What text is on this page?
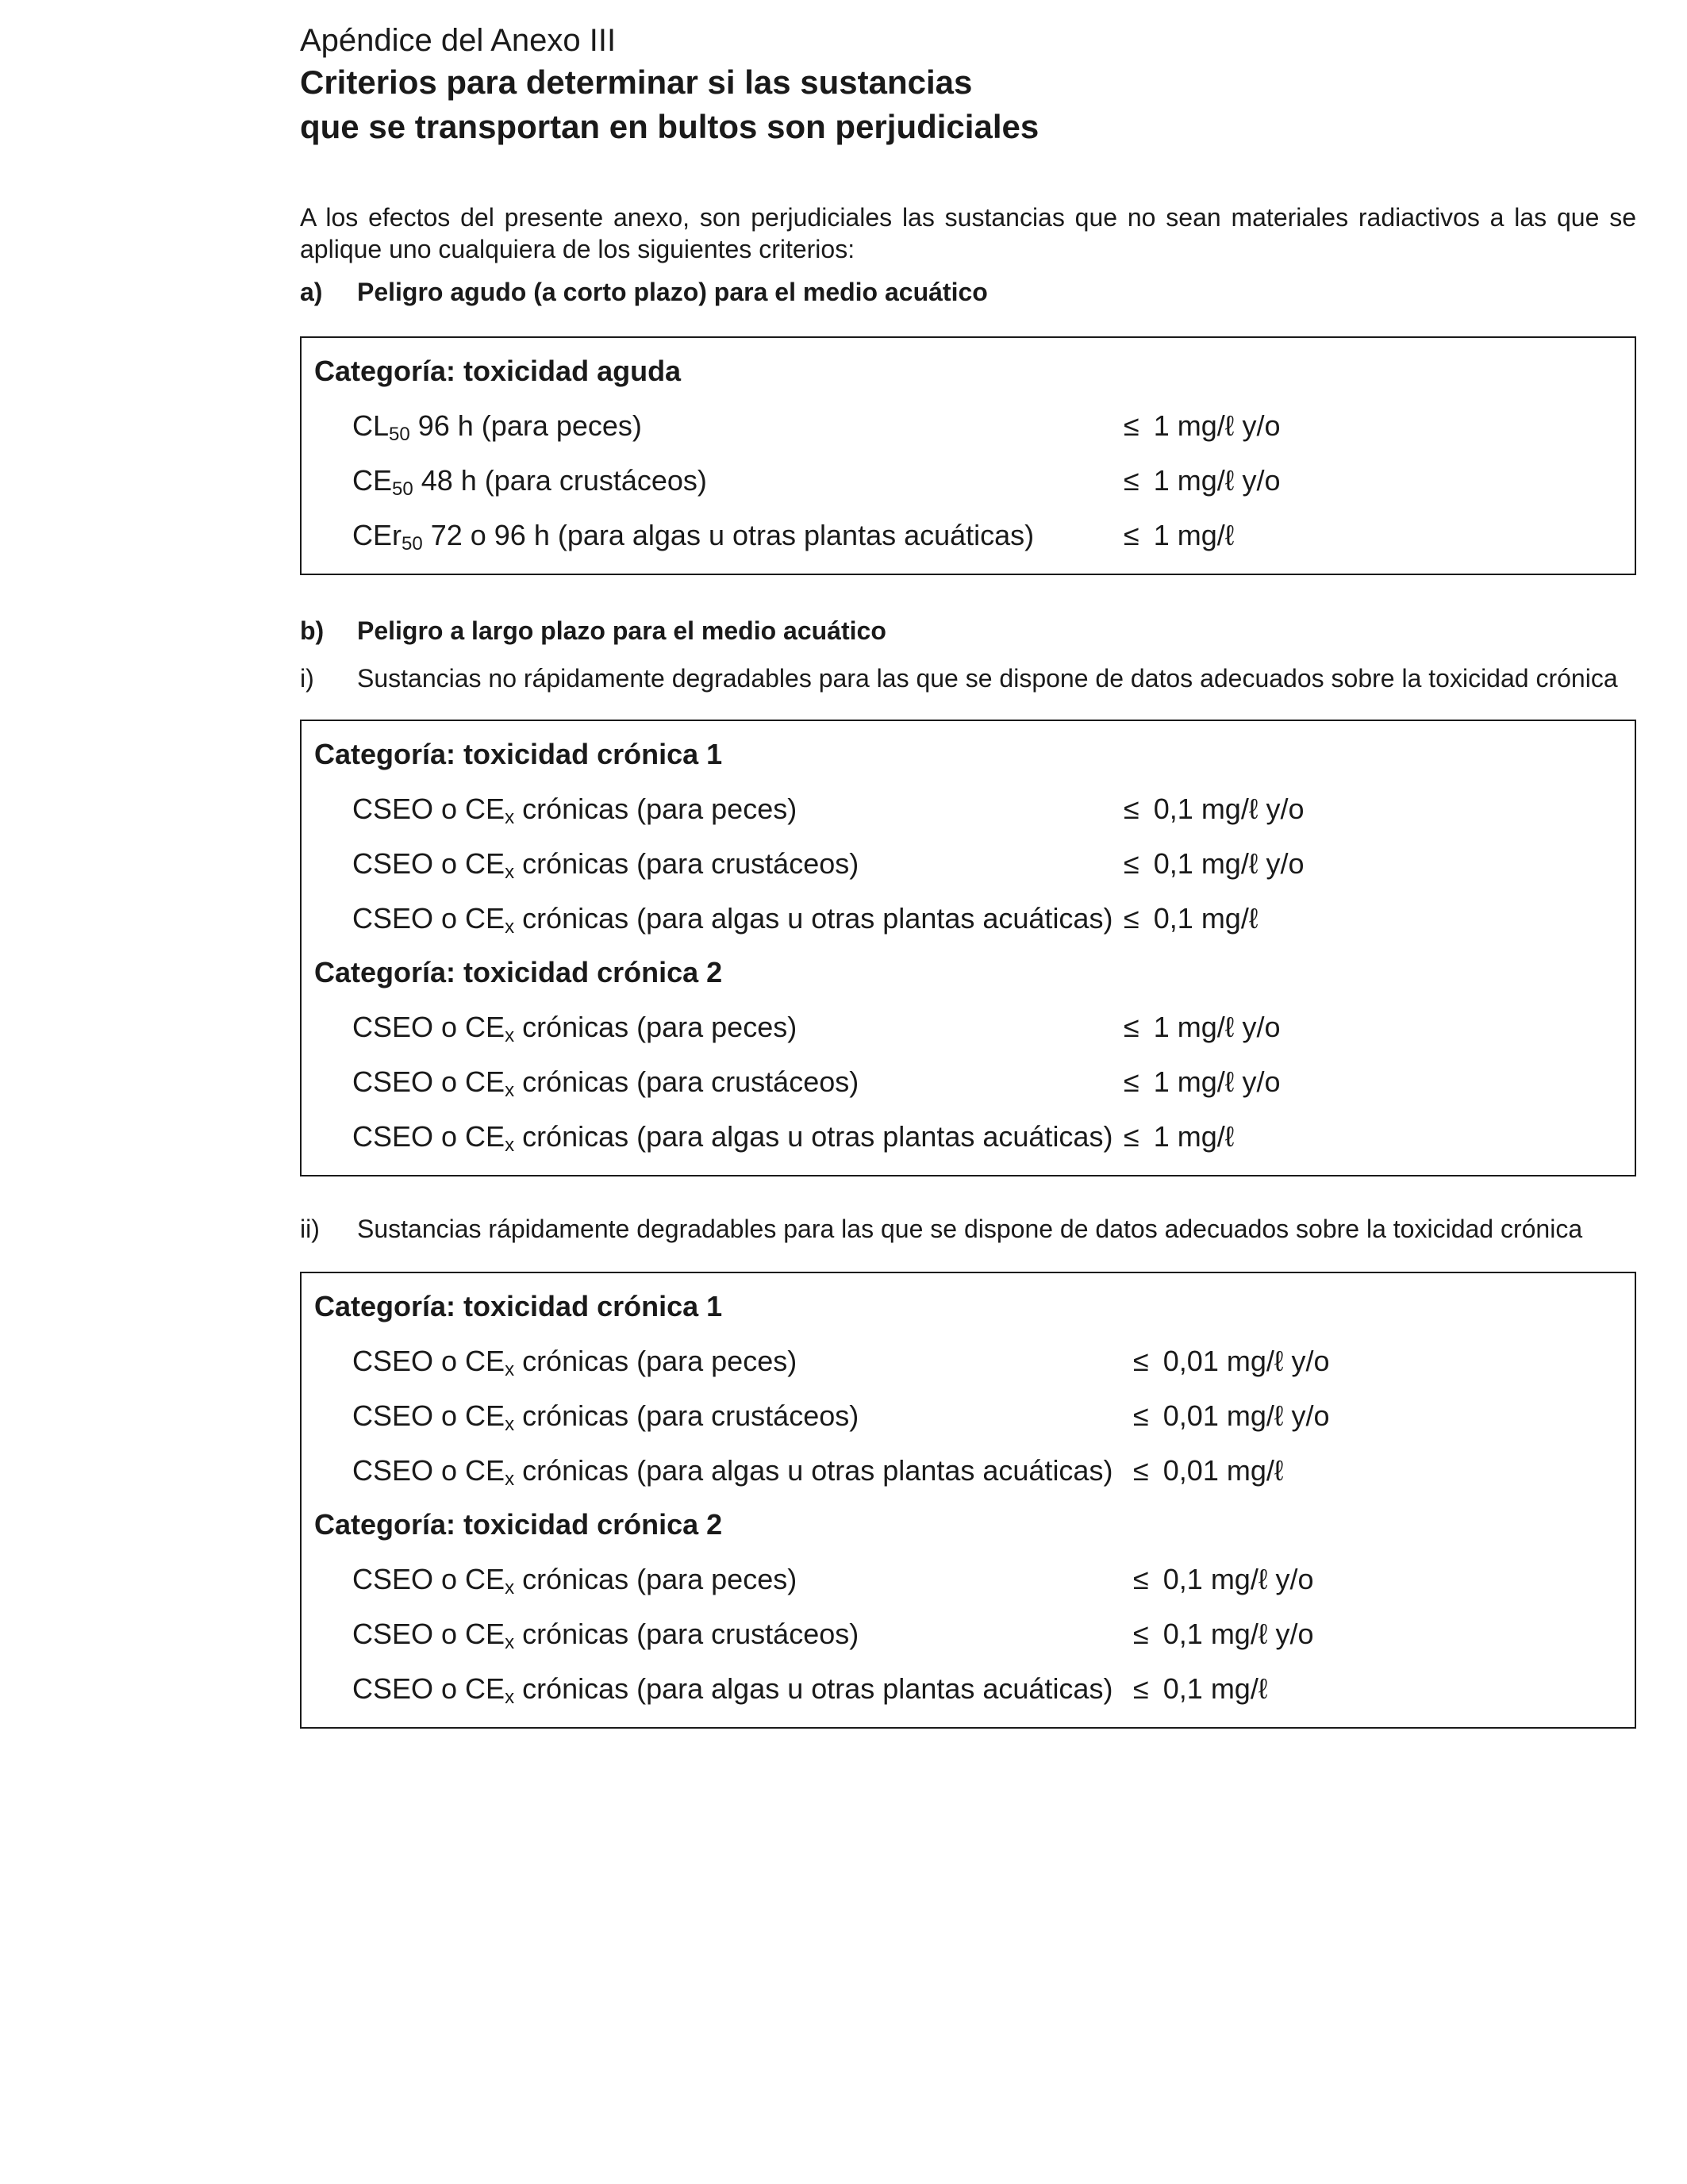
Apéndice del Anexo III

Criterios para determinar si las sustancias

que se transportan en bultos son perjudiciales

A los efectos del presente anexo, son perjudiciales las sustancias que no sean materiales radiactivos a las que se aplique uno cualquiera de los siguientes criterios:

a)	Peligro agudo (a corto plazo) para el medio acuático
Categoría: toxicidad aguda
$CL_{50}$ 96 h (para peces)	≤ 1 mg/ℓ y/o
$CE_{50}$ 48 h (para crustáceos)	≤ 1 mg/ℓ y/o
CEr$_{50}$ 72 o 96 h (para algas u otras plantas acuáticas)	≤ 1 mg/ℓ
b)	Peligro a largo plazo para el medio acuático
i)	Sustancias no rápidamente degradables para las que se dispone de datos adecuados sobre la toxicidad crónica
Categoría: toxicidad crónica 1
CSEO o $CE_x$ crónicas (para peces)	≤ 0,1 mg/ℓ y/o
CSEO o $CE_x$ crónicas (para crustáceos)	≤ 0,1 mg/ℓ y/o
CSEO o $CE_x$ crónicas (para algas u otras plantas acuáticas) ≤ 0,1 mg/ℓ
Categoría: toxicidad crónica 2
CSEO o $CE_x$ crónicas (para peces)	≤ 1 mg/ℓ y/o
CSEO o $CE_x$ crónicas (para crustáceos)	≤ 1 mg/ℓ y/o
CSEO o $CE_x$ crónicas (para algas u otras plantas acuáticas) ≤ 1 mg/ℓ
ii)	Sustancias rápidamente degradables para las que se dispone de datos adecuados sobre la toxicidad crónica
Categoría: toxicidad crónica 1
CSEO o $CE_x$ crónicas (para peces)	≤ 0,01 mg/ℓ y/o
CSEO o $CE_x$ crónicas (para crustáceos)	≤ 0,01 mg/ℓ y/o
CSEO o $CE_x$ crónicas (para algas u otras plantas acuáticas) ≤ 0,01 mg/ℓ
Categoría: toxicidad crónica 2
CSEO o $CE_x$ crónicas (para peces)	≤ 0,1 mg/ℓ y/o
CSEO o $CE_x$ crónicas (para crustáceos)	≤ 0,1 mg/ℓ y/o
CSEO o $CE_x$ crónicas (para algas u otras plantas acuáticas) ≤ 0,1 mg/ℓ
